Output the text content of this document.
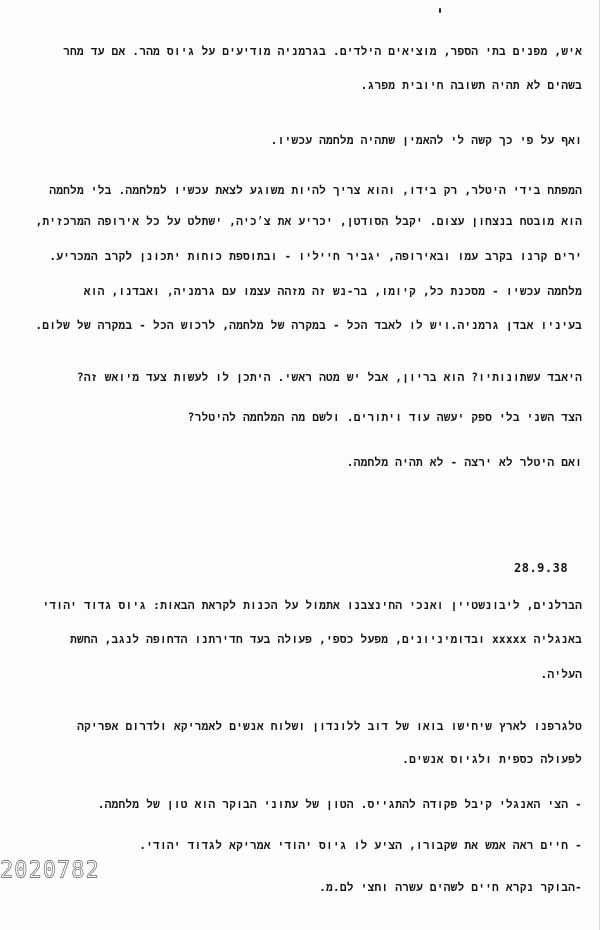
איש, מפנים בתי הספר, מוציאים הילדים. בגרמניה מודיעים על גיוס מהר. אם עד מחר
בשהים לא תהיה תשובה חיובית מפרג.
ואף על פי כך קשה לי להאמין שתהיה מלחמה עכשיו.
המפתח בידי היטלר, רק בידו, והוא צריך להיות משוגע לצאת עכשיו למלחמה. בלי מלחמה
הוא מובטח בנצחון עצום. יקבל הסודטן, יכריע את צ׳כיה, ישתלט על כל אירופה המרכזית,
ירים קרנו בקרב עמו ובאירופה, יגביר חייליו - ובתוספת כוחות יתכונן לקרב המכריע.
מלחמה עכשיו - מסכנת כל, קיומו, בר-נש זה מזהה עצמו עם גרמניה, ואבדנו, הוא
בעיניו אבדן גרמניה.ויש לו לאבד הכל - במקרה של מלחמה, לרכוש הכל - במקרה של שלום.
היאבד עשתונותיו? הוא בריון, אבל יש מטה ראשי. היתכן לו לעשות צעד מיואש זה?
הצד השני בלי ספק יעשה עוד ויתורים. ולשם מה המלחמה להיטלר?
ואם היטלר לא ירצה - לא תהיה מלחמה.
28.9.38
הברלנים, ליבונשטיין ואנכי החינצבנו אתמול על הכנות לקראת הבאות: גיוס גדוד יהודי
באנגליה xxxxx ובדומיניונים, מפעל כספי, פעולה בעד חדירתנו הדחופה לנגב, החשת
העליה.
טלגרפנו לארץ שיחישו בואו של דוב ללונדון ושלוח אנשים לאמריקא ולדרום אפריקה
לפעולה כספית ולגיוס אנשים.
- הצי האנגלי קיבל פקודה להתגייס. הטון של עתוני הבוקר הוא טון של מלחמה.
- חיים ראה אמש את שקבורו, הציע לו גיוס יהודי אמריקא לגדוד יהודי.
-הבוקר נקרא חיים לשהים עשרה וחצי לם.מ.
2020782
